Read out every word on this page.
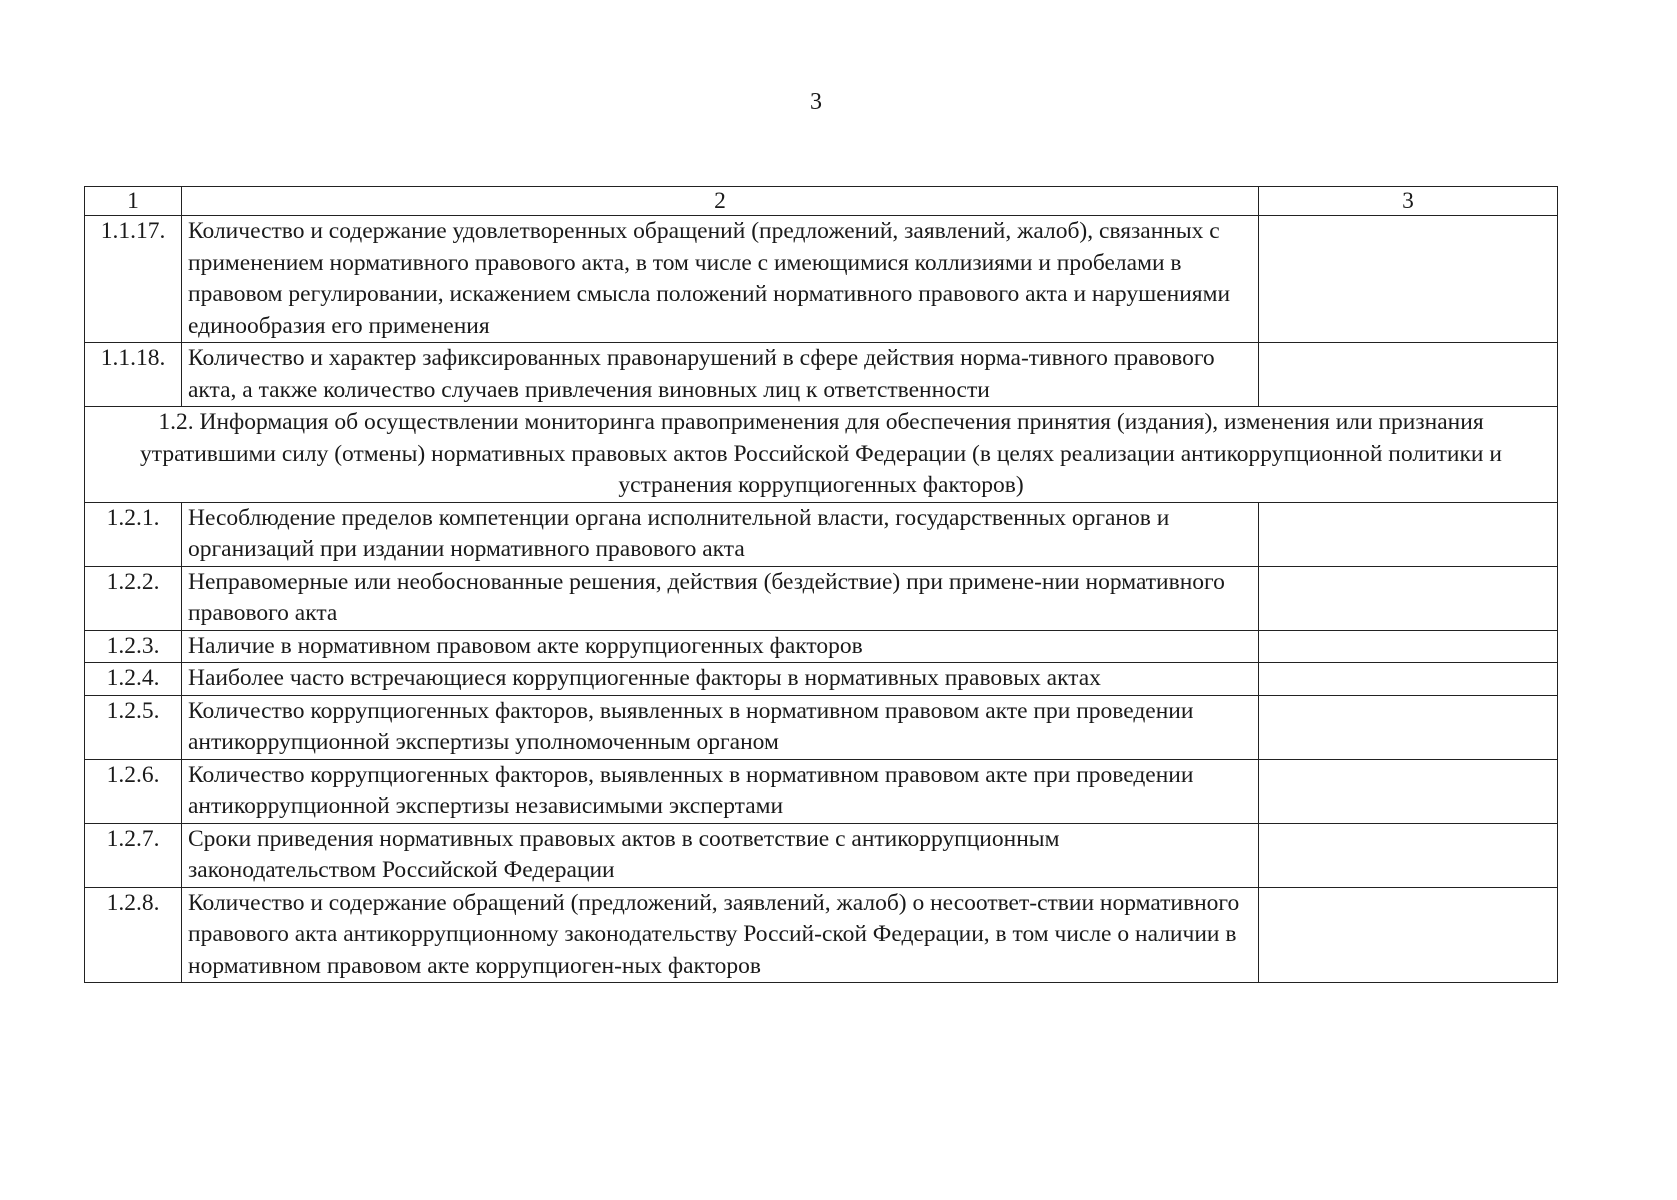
3
1	2	3
1.1.17.	Количество и содержание удовлетворенных обращений (предложений, заявлений, жалоб), связанных с применением нормативного правового акта, в том числе с имеющимися коллизиями и пробелами в правовом регулировании, искажением смысла положений нормативного правового акта и нарушениями единообразия его применения	
1.1.18.	Количество и характер зафиксированных правонарушений в сфере действия норма-тивного правового акта, а также количество случаев привлечения виновных лиц к ответственности	
1.2. Информация об осуществлении мониторинга правоприменения для обеспечения принятия (издания), изменения или признания утратившими силу (отмены) нормативных правовых актов Российской Федерации (в целях реализации антикоррупционной политики и устранения коррупциогенных факторов)		
1.2.1.	Несоблюдение пределов компетенции органа исполнительной власти, государственных органов и организаций при издании нормативного правового акта	
1.2.2.	Неправомерные или необоснованные решения, действия (бездействие) при примене-нии нормативного правового акта	
1.2.3.	Наличие в нормативном правовом акте коррупциогенных факторов	
1.2.4.	Наиболее часто встречающиеся коррупциогенные факторы в нормативных правовых актах	
1.2.5.	Количество коррупциогенных факторов, выявленных в нормативном правовом акте при проведении антикоррупционной экспертизы уполномоченным органом	
1.2.6.	Количество коррупциогенных факторов, выявленных в нормативном правовом акте при проведении антикоррупционной экспертизы независимыми экспертами	
1.2.7.	Сроки приведения нормативных правовых актов в соответствие с антикоррупционным законодательством Российской Федерации	
1.2.8.	Количество и содержание обращений (предложений, заявлений, жалоб) о несоответ-ствии нормативного правового акта антикоррупционному законодательству Россий-ской Федерации, в том числе о наличии в нормативном правовом акте коррупциоген-ных факторов	
